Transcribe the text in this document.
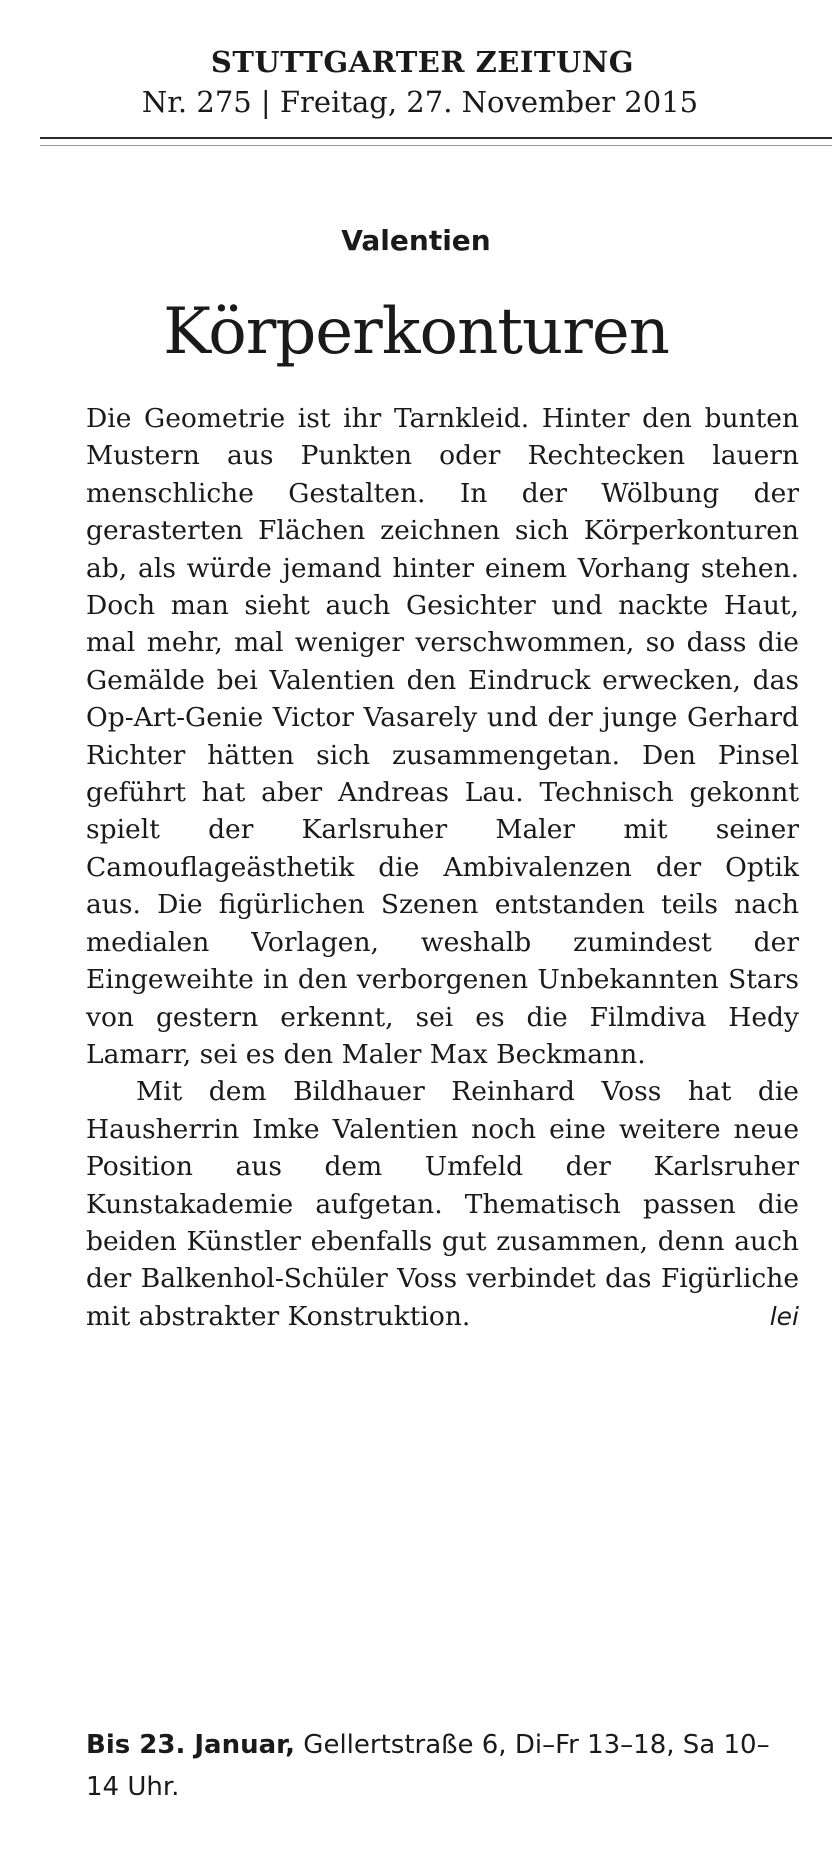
STUTTGARTER ZEITUNG
Nr. 275 | Freitag, 27. November 2015
Valentien
Körperkonturen

Die Geometrie ist ihr Tarnkleid. Hinter den bunten Mustern aus Punkten oder Rechtecken lauern menschliche Gestalten. In der Wölbung der gerasterten Flächen zeichnen sich Körperkonturen ab, als würde jemand hinter einem Vorhang stehen. Doch man sieht auch Gesichter und nackte Haut, mal mehr, mal weniger verschwommen, so dass die Gemälde bei Valentien den Eindruck erwecken, das Op-Art-Genie Victor Vasarely und der junge Gerhard Richter hätten sich zusammengetan. Den Pinsel geführt hat aber Andreas Lau. Technisch gekonnt spielt der Karlsruher Maler mit seiner Camouflageästhetik die Ambivalenzen der Optik aus. Die figürlichen Szenen entstanden teils nach medialen Vorlagen, weshalb zumindest der Eingeweihte in den verborgenen Unbekannten Stars von gestern erkennt, sei es die Filmdiva Hedy Lamarr, sei es den Maler Max Beckmann.

Mit dem Bildhauer Reinhard Voss hat die Hausherrin Imke Valentien noch eine weitere neue Position aus dem Umfeld der Karlsruher Kunstakademie aufgetan. Thematisch passen die beiden Künstler ebenfalls gut zusammen, denn auch der Balkenhol-Schüler Voss verbindet das Figürliche mit abstrakter Konstruktion.	lei

Bis 23. Januar, Gellertstraße 6, Di–Fr 13–18, Sa 10–14 Uhr.
